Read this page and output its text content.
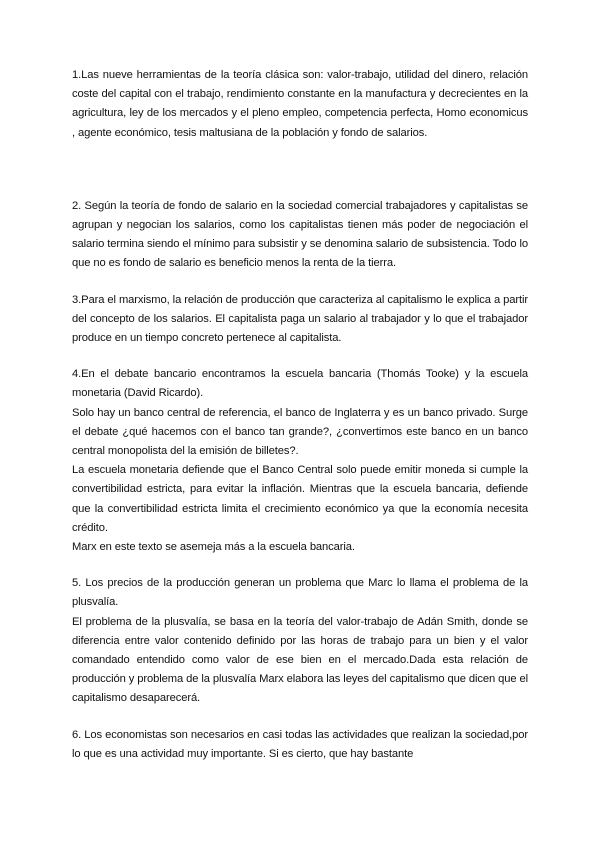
1.Las nueve herramientas de la teoría clásica son: valor-trabajo, utilidad del dinero, relación coste del capital con el trabajo, rendimiento constante en la manufactura y decrecientes en la agricultura, ley de los mercados y el pleno empleo, competencia perfecta, Homo economicus , agente económico, tesis maltusiana de la población y fondo de salarios.

2. Según la teoría de fondo de salario en la sociedad comercial trabajadores y capitalistas se agrupan y negocian los salarios, como los capitalistas tienen más poder de negociación el salario termina siendo el mínimo para subsistir y se denomina salario de subsistencia. Todo lo que no es fondo de salario es beneficio menos la renta de la tierra.

3.Para el marxismo, la relación de producción que caracteriza al capitalismo le explica a partir del concepto de los salarios. El capitalista paga un salario al trabajador y lo que el trabajador produce en un tiempo concreto pertenece al capitalista.

4.En el debate bancario encontramos la escuela bancaria (Thomás Tooke) y la escuela monetaria (David Ricardo).

Solo hay un banco central de referencia, el banco de Inglaterra y es un banco privado. Surge el debate ¿qué hacemos con el banco tan grande?, ¿convertimos este banco en un banco central monopolista del la emisión de billetes?.

La escuela monetaria defiende que el Banco Central solo puede emitir moneda si cumple la convertibilidad estricta, para evitar la inflación. Mientras que la escuela bancaria, defiende que la convertibilidad estricta limita el crecimiento económico ya que la economía necesita crédito.

Marx en este texto se asemeja más a la escuela bancaria.

5. Los precios de la producción generan un problema que Marc lo llama el problema de la plusvalía.

El problema de la plusvalía, se basa en la teoría del valor-trabajo de Adán Smith, donde se diferencia entre valor contenido definido por las horas de trabajo para un bien y el valor comandado entendido como valor de ese bien en el mercado.Dada esta relación de producción y problema de la plusvalía Marx elabora las leyes del capitalismo que dicen que el capitalismo desaparecerá.

6. Los economistas son necesarios en casi todas las actividades que realizan la sociedad,por lo que es una actividad muy importante. Si es cierto, que hay bastante
